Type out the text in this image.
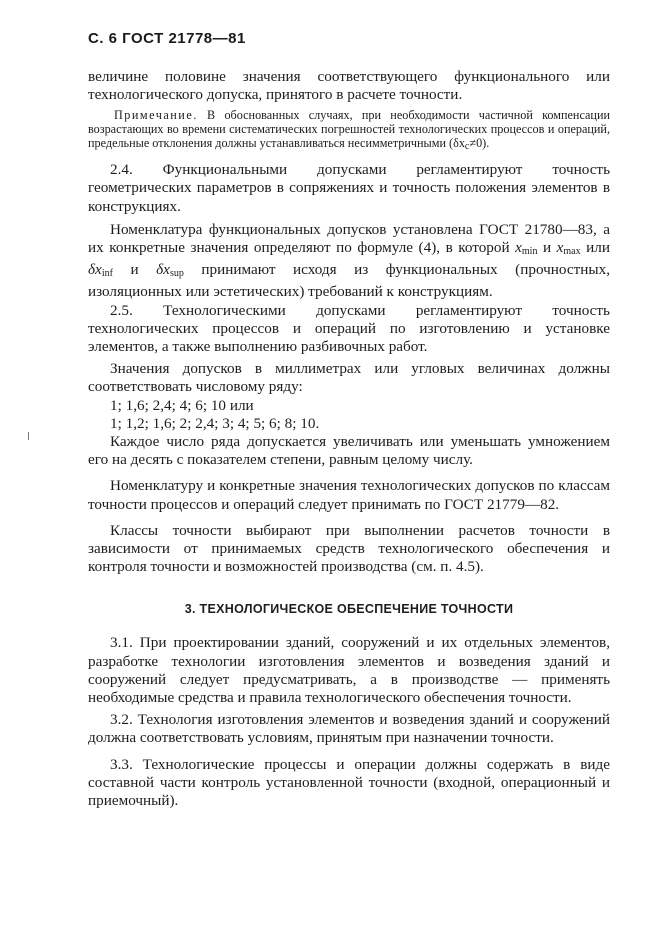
С. 6 ГОСТ 21778—81

величине половине значения соответствующего функционального или технологического допуска, принятого в расчете точности.

Примечание. В обоснованных случаях, при необходимости частичной компенсации возрастающих во времени систематических погрешностей технологических процессов и операций, предельные отклонения должны устанавливаться несимметричными $(\delta x_c\ne 0)$.

2.4. Функциональными допусками регламентируют точность геометрических параметров в сопряжениях и точность положения элементов в конструкциях.

Номенклатура функциональных допусков установлена ГОСТ 21780—83, а их конкретные значения определяют по формуле (4), в которой $x_{min}$ и $x_{max}$ или $\delta x_{inf}$ и $\delta x_{sup}$ принимают исходя из функциональных (прочностных, изоляционных или эстетических) требований к конструкциям.

2.5. Технологическими допусками регламентируют точность технологических процессов и операций по изготовлению и установке элементов, а также выполнению разбивочных работ.

Значения допусков в миллиметрах или угловых величинах должны соответствовать числовому ряду:

1; 1,6; 2,4; 4; 6; 10 или

1; 1,2; 1,6; 2; 2,4; 3; 4; 5; 6; 8; 10.

Каждое число ряда допускается увеличивать или уменьшать умножением его на десять с показателем степени, равным целому числу.

Номенклатуру и конкретные значения технологических допусков по классам точности процессов и операций следует принимать по ГОСТ 21779—82.

Классы точности выбирают при выполнении расчетов точности в зависимости от принимаемых средств технологического обеспечения и контроля точности и возможностей производства (см. п. 4.5).

3. ТЕХНОЛОГИЧЕСКОЕ ОБЕСПЕЧЕНИЕ ТОЧНОСТИ

3.1. При проектировании зданий, сооружений и их отдельных элементов, разработке технологии изготовления элементов и возведения зданий и сооружений следует предусматривать, а в производстве — применять необходимые средства и правила технологического обеспечения точности.

3.2. Технология изготовления элементов и возведения зданий и сооружений должна соответствовать условиям, принятым при назначении точности.

3.3. Технологические процессы и операции должны содержать в виде составной части контроль установленной точности (входной, операционный и приемочный).
